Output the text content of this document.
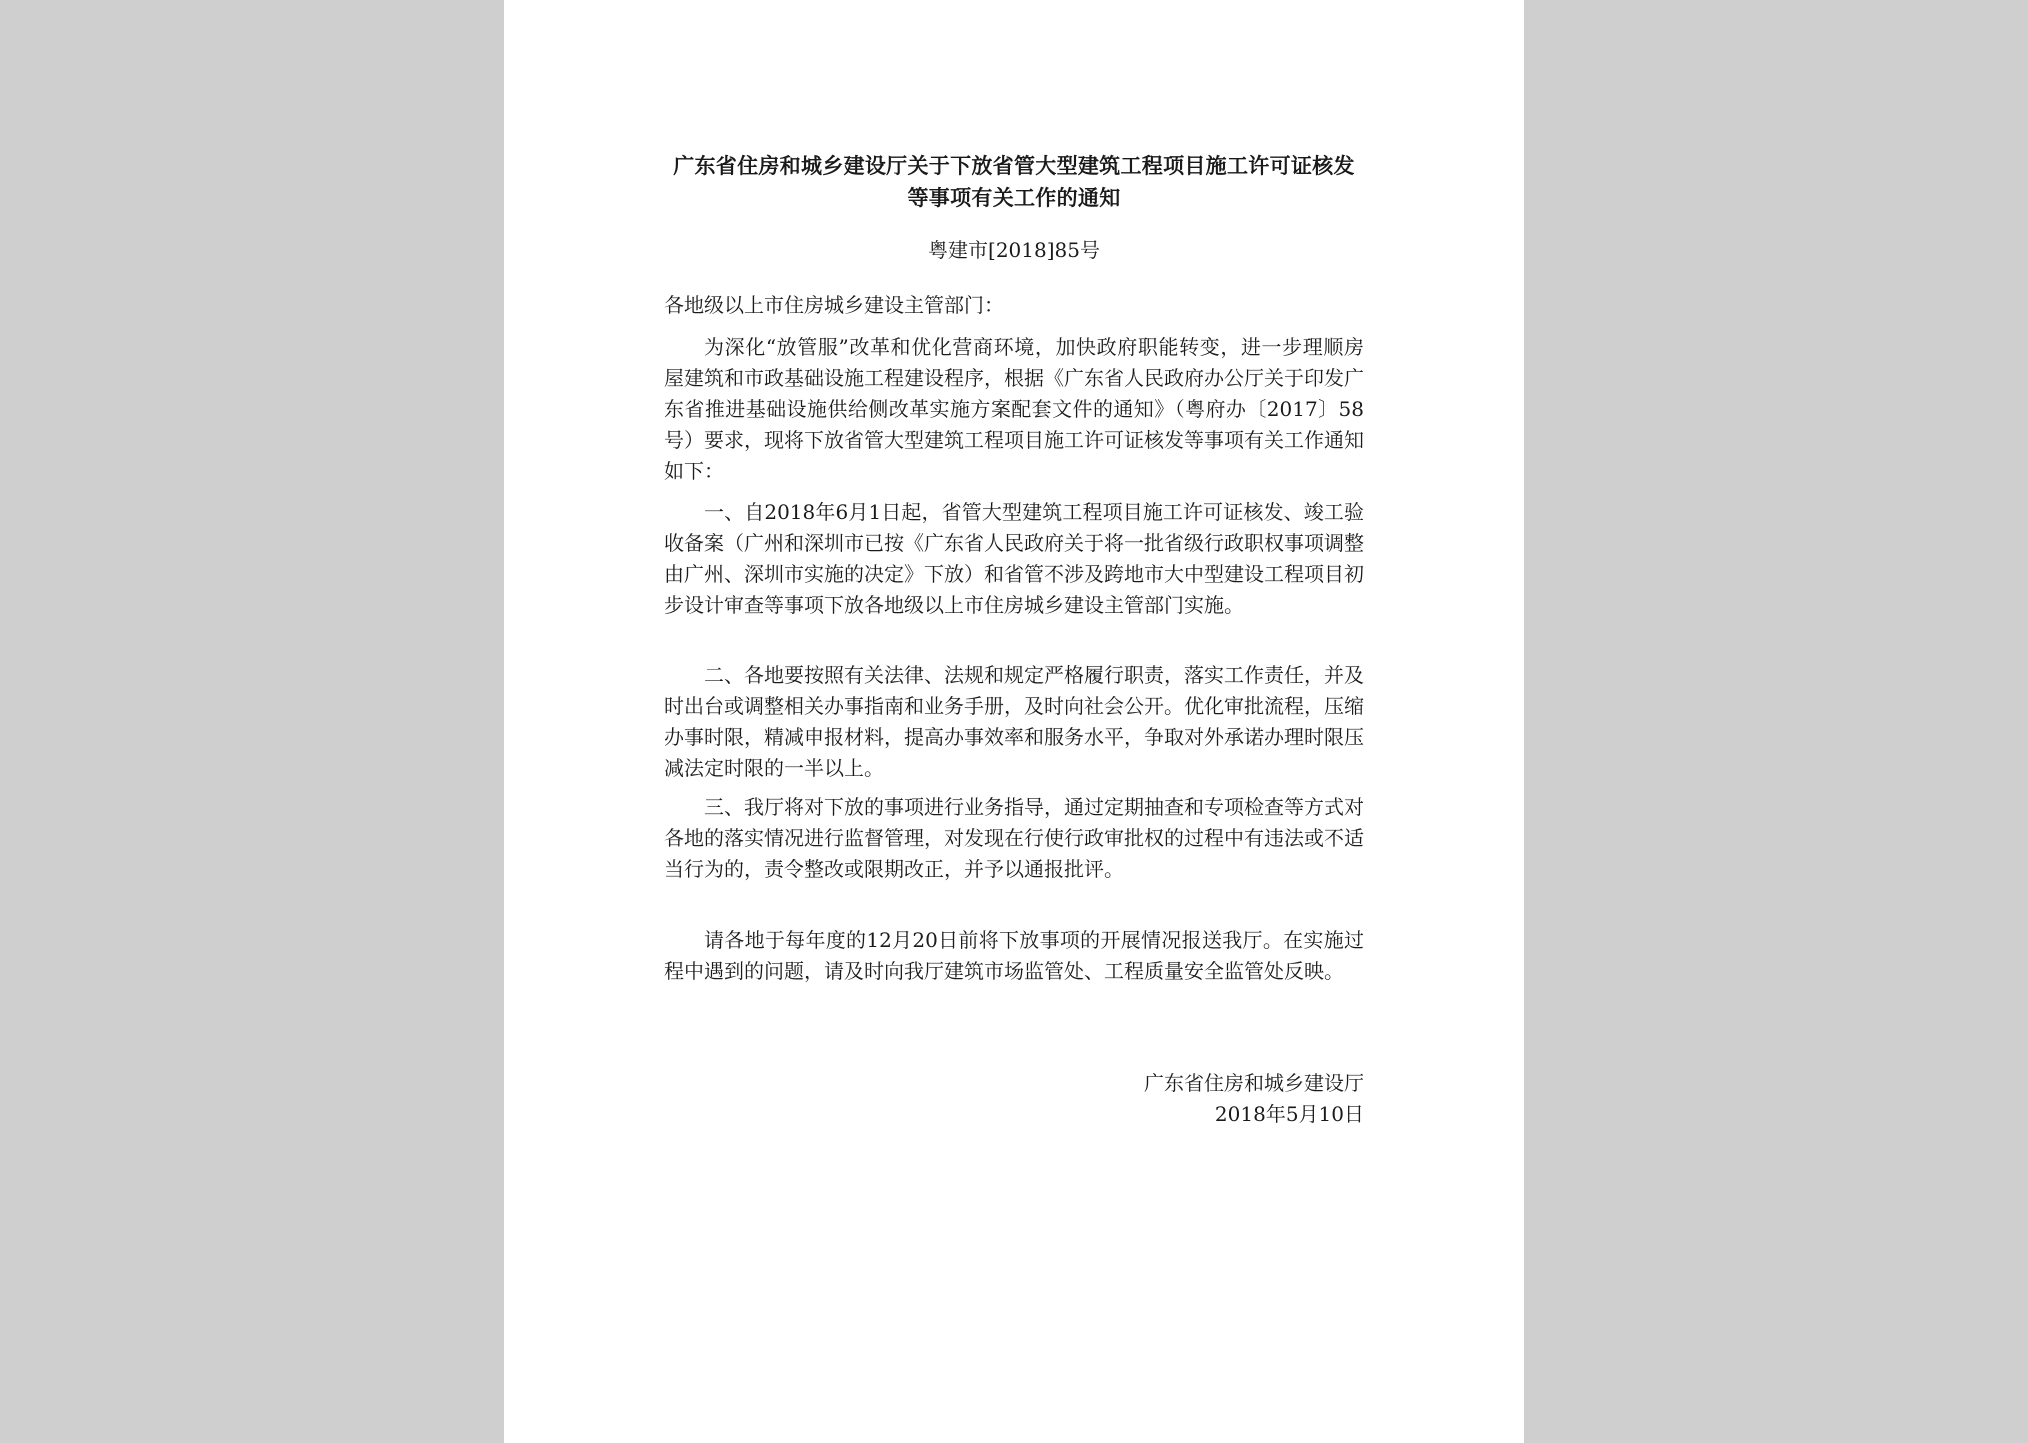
广东省住房和城乡建设厅关于下放省管大型建筑工程项目施工许可证核发等事项有关工作的通知
粤建市[2018]85号

各地级以上市住房城乡建设主管部门：

为深化“放管服”改革和优化营商环境，加快政府职能转变，进一步理顺房屋建筑和市政基础设施工程建设程序，根据《广东省人民政府办公厅关于印发广东省推进基础设施供给侧改革实施方案配套文件的通知》（粤府办〔2017〕58号）要求，现将下放省管大型建筑工程项目施工许可证核发等事项有关工作通知如下：

一、自2018年6月1日起，省管大型建筑工程项目施工许可证核发、竣工验收备案（广州和深圳市已按《广东省人民政府关于将一批省级行政职权事项调整由广州、深圳市实施的决定》下放）和省管不涉及跨地市大中型建设工程项目初步设计审查等事项下放各地级以上市住房城乡建设主管部门实施。

二、各地要按照有关法律、法规和规定严格履行职责，落实工作责任，并及时出台或调整相关办事指南和业务手册，及时向社会公开。优化审批流程，压缩办事时限，精减申报材料，提高办事效率和服务水平，争取对外承诺办理时限压减法定时限的一半以上。

三、我厅将对下放的事项进行业务指导，通过定期抽查和专项检查等方式对各地的落实情况进行监督管理，对发现在行使行政审批权的过程中有违法或不适当行为的，责令整改或限期改正，并予以通报批评。

请各地于每年度的12月20日前将下放事项的开展情况报送我厅。在实施过程中遇到的问题，请及时向我厅建筑市场监管处、工程质量安全监管处反映。

广东省住房和城乡建设厅
2018年5月10日
